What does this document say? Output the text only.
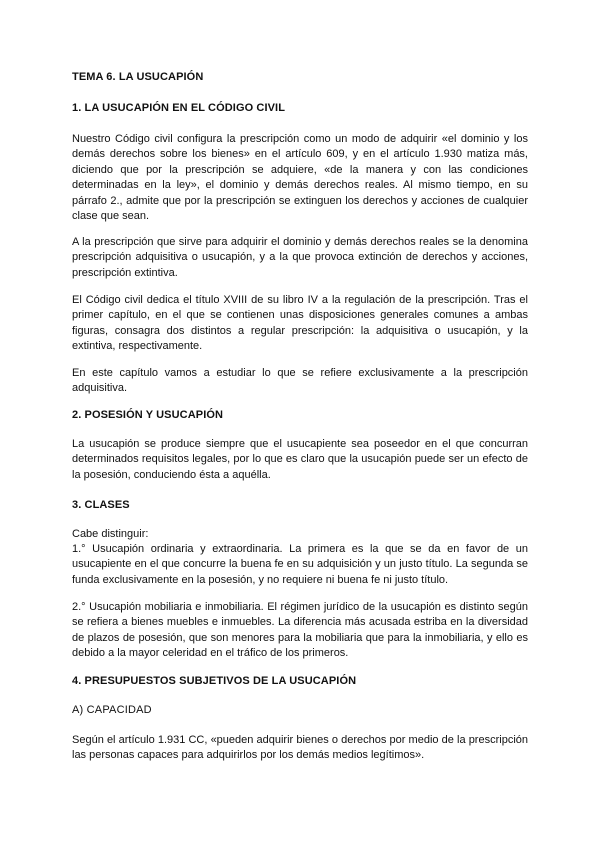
TEMA 6. LA USUCAPIÓN

1. LA USUCAPIÓN EN EL CÓDIGO CIVIL

Nuestro Código civil configura la prescripción como un modo de adquirir «el dominio y los demás derechos sobre los bienes» en el artículo 609, y en el artículo 1.930 matiza más, diciendo que por la prescripción se adquiere, «de la manera y con las condiciones determinadas en la ley», el dominio y demás derechos reales. Al mismo tiempo, en su párrafo 2., admite que por la prescripción se extinguen los derechos y acciones de cualquier clase que sean.

A la prescripción que sirve para adquirir el dominio y demás derechos reales se la denomina prescripción adquisitiva o usucapión, y a la que provoca extinción de derechos y acciones, prescripción extintiva.

El Código civil dedica el título XVIII de su libro IV a la regulación de la prescripción. Tras el primer capítulo, en el que se contienen unas disposiciones generales comunes a ambas figuras, consagra dos distintos a regular prescripción: la adquisitiva o usucapión, y la extintiva, respectivamente.

En este capítulo vamos a estudiar lo que se refiere exclusivamente a la prescripción adquisitiva.

2. POSESIÓN Y USUCAPIÓN

La usucapión se produce siempre que el usucapiente sea poseedor en el que concurran determinados requisitos legales, por lo que es claro que la usucapión puede ser un efecto de la posesión, conduciendo ésta a aquélla.

3. CLASES

Cabe distinguir:

1.° Usucapión ordinaria y extraordinaria. La primera es la que se da en favor de un usucapiente en el que concurre la buena fe en su adquisición y un justo título. La segunda se funda exclusivamente en la posesión, y no requiere ni buena fe ni justo título.

2.° Usucapión mobiliaria e inmobiliaria. El régimen jurídico de la usucapión es distinto según se refiera a bienes muebles e inmuebles. La diferencia más acusada estriba en la diversidad de plazos de posesión, que son menores para la mobiliaria que para la inmobiliaria, y ello es debido a la mayor celeridad en el tráfico de los primeros.

4. PRESUPUESTOS SUBJETIVOS DE LA USUCAPIÓN

A) CAPACIDAD

Según el artículo 1.931 CC, «pueden adquirir bienes o derechos por medio de la prescripción las personas capaces para adquirirlos por los demás medios legítimos».
